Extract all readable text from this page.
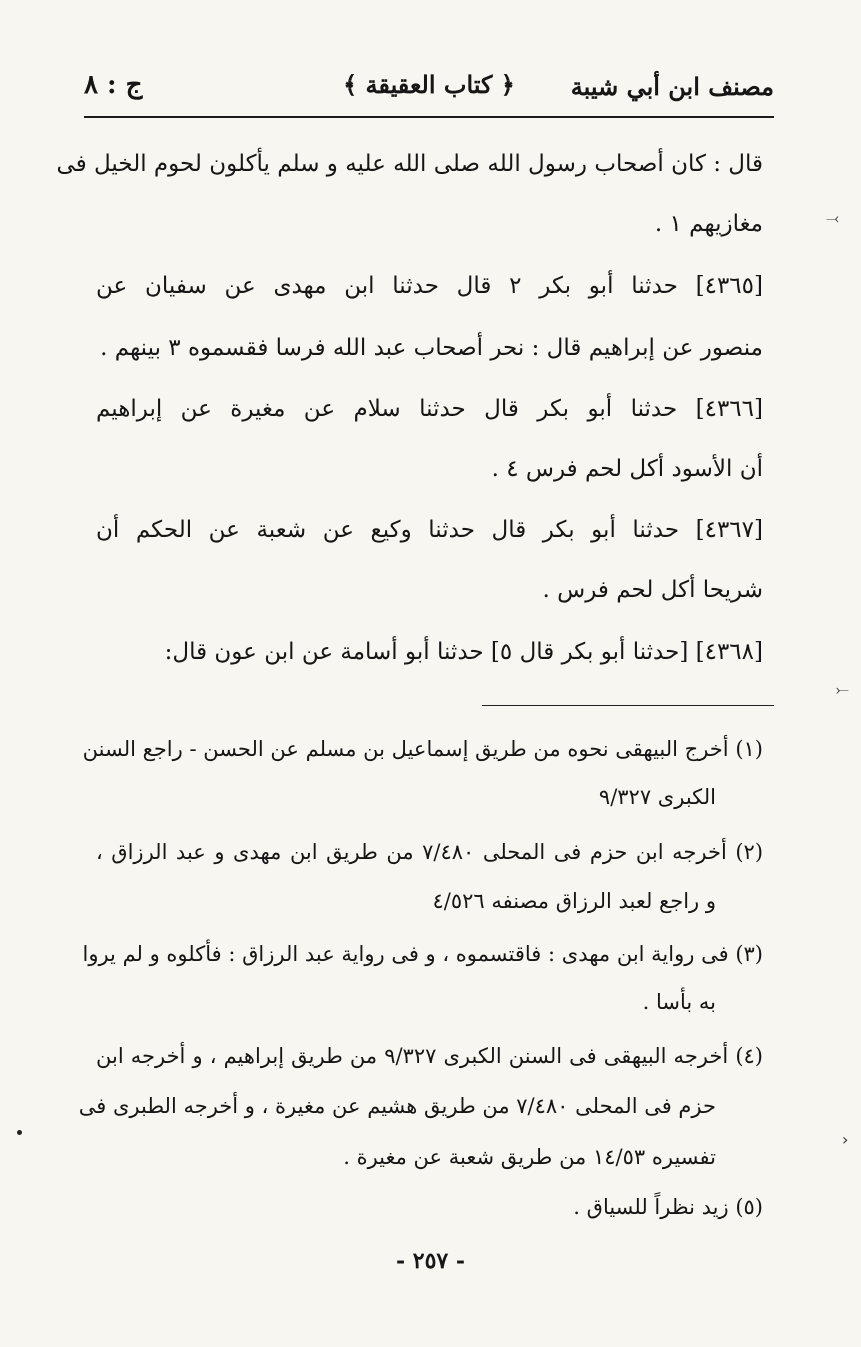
مصنف ابن أبي شيبة
﴿ كتاب العقيقة ﴾
ج : ٨
قال : كان أصحاب رسول الله صلى الله عليه و سلم يأكلون لحوم الخيل فى
مغازيهم ١ .
[٤٣٦٥] حدثنا أبو بكر ٢ قال حدثنا ابن مهدى عن سفيان عن
منصور عن إبراهيم قال : نحر أصحاب عبد الله فرسا فقسموه ٣ بينهم .
[٤٣٦٦] حدثنا أبو بكر قال حدثنا سلام عن مغيرة عن إبراهيم
أن الأسود أكل لحم فرس ٤ .
[٤٣٦٧] حدثنا أبو بكر قال حدثنا وكيع عن شعبة عن الحكم أن
شريحا أكل لحم فرس .
[٤٣٦٨] [حدثنا أبو بكر قال ٥] حدثنا أبو أسامة عن ابن عون قال:
(١) أخرج البيهقى نحوه من طريق إسماعيل بن مسلم عن الحسن - راجع السنن
الكبرى ٩/٣٢٧
(٢) أخرجه ابن حزم فى المحلى ٧/٤٨٠ من طريق ابن مهدى و عبد الرزاق ،
و راجع لعبد الرزاق مصنفه ٤/٥٢٦
(٣) فى رواية ابن مهدى : فاقتسموه ، و فى رواية عبد الرزاق : فأكلوه و لم يروا
به بأسا .
(٤) أخرجه البيهقى فى السنن الكبرى ٩/٣٢٧ من طريق إبراهيم ، و أخرجه ابن
حزم فى المحلى ٧/٤٨٠ من طريق هشيم عن مغيرة ، و أخرجه الطبرى فى
تفسيره ١٤/٥٣ من طريق شعبة عن مغيرة .
(٥) زيد نظراً للسياق .
- ٢٥٧ -
⤙
⤚
›
